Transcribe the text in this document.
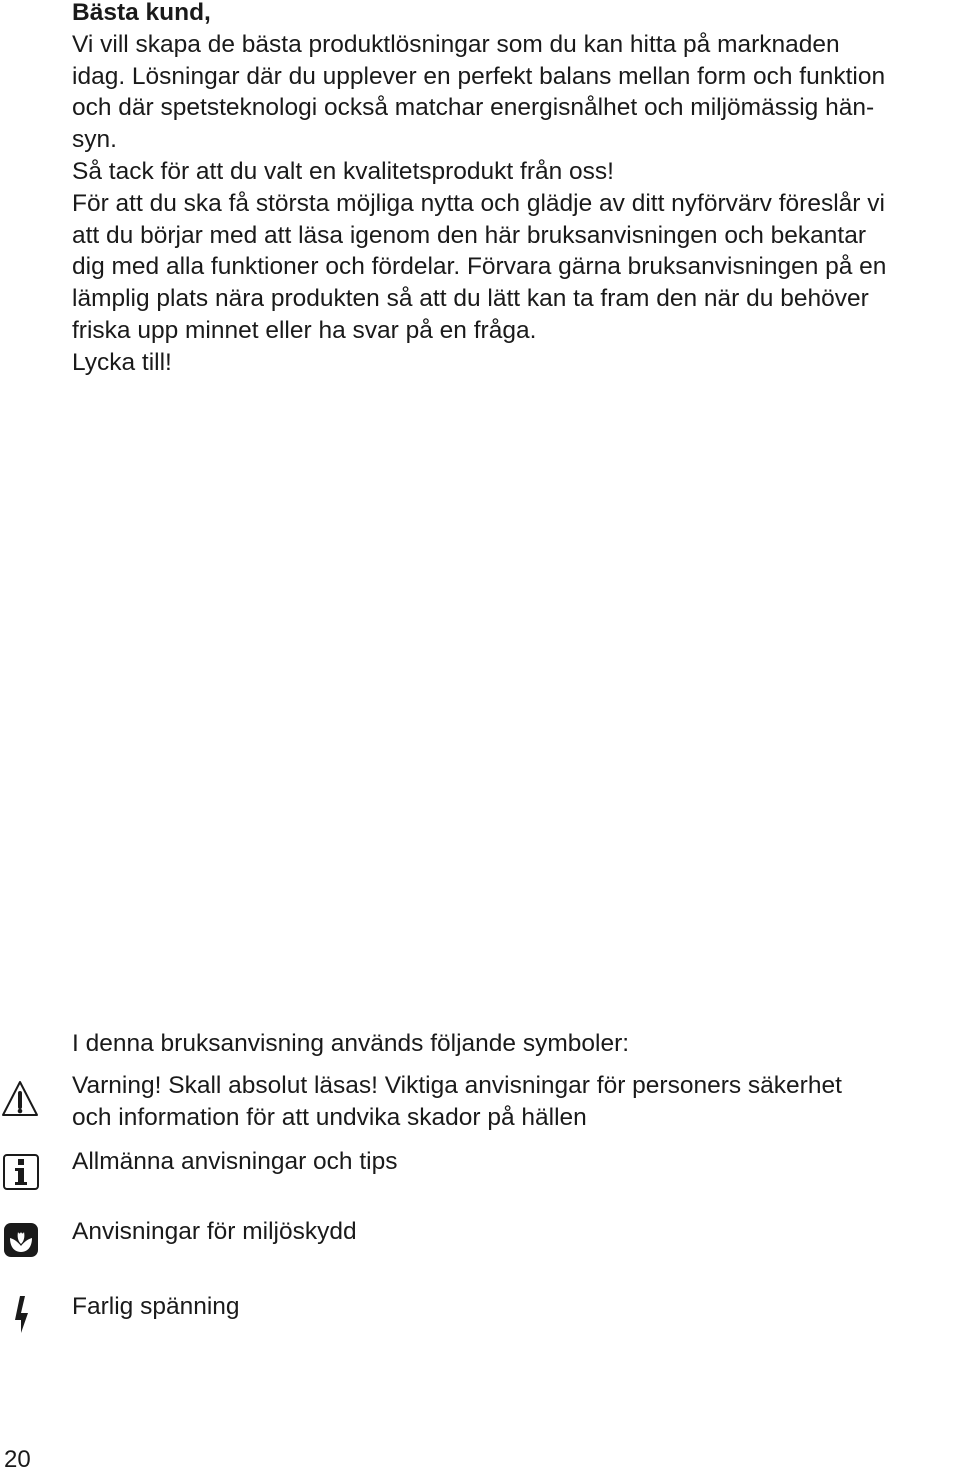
Bästa kund,
Vi vill skapa de bästa produktlösningar som du kan hitta på marknaden
idag. Lösningar där du upplever en perfekt balans mellan form och funktion
och där spetsteknologi också matchar energisnålhet och miljömässig hän-
syn.
Så tack för att du valt en kvalitetsprodukt från oss!
För att du ska få största möjliga nytta och glädje av ditt nyförvärv föreslår vi
att du börjar med att läsa igenom den här bruksanvisningen och bekantar
dig med alla funktioner och fördelar. Förvara gärna bruksanvisningen på en
lämplig plats nära produkten så att du lätt kan ta fram den när du behöver
friska upp minnet eller ha svar på en fråga.
Lycka till!

I denna bruksanvisning används följande symboler:

Varning! Skall absolut läsas! Viktiga anvisningar för personers säkerhet
och information för att undvika skador på hällen

Allmänna anvisningar och tips

Anvisningar för miljöskydd

Farlig spänning

20
